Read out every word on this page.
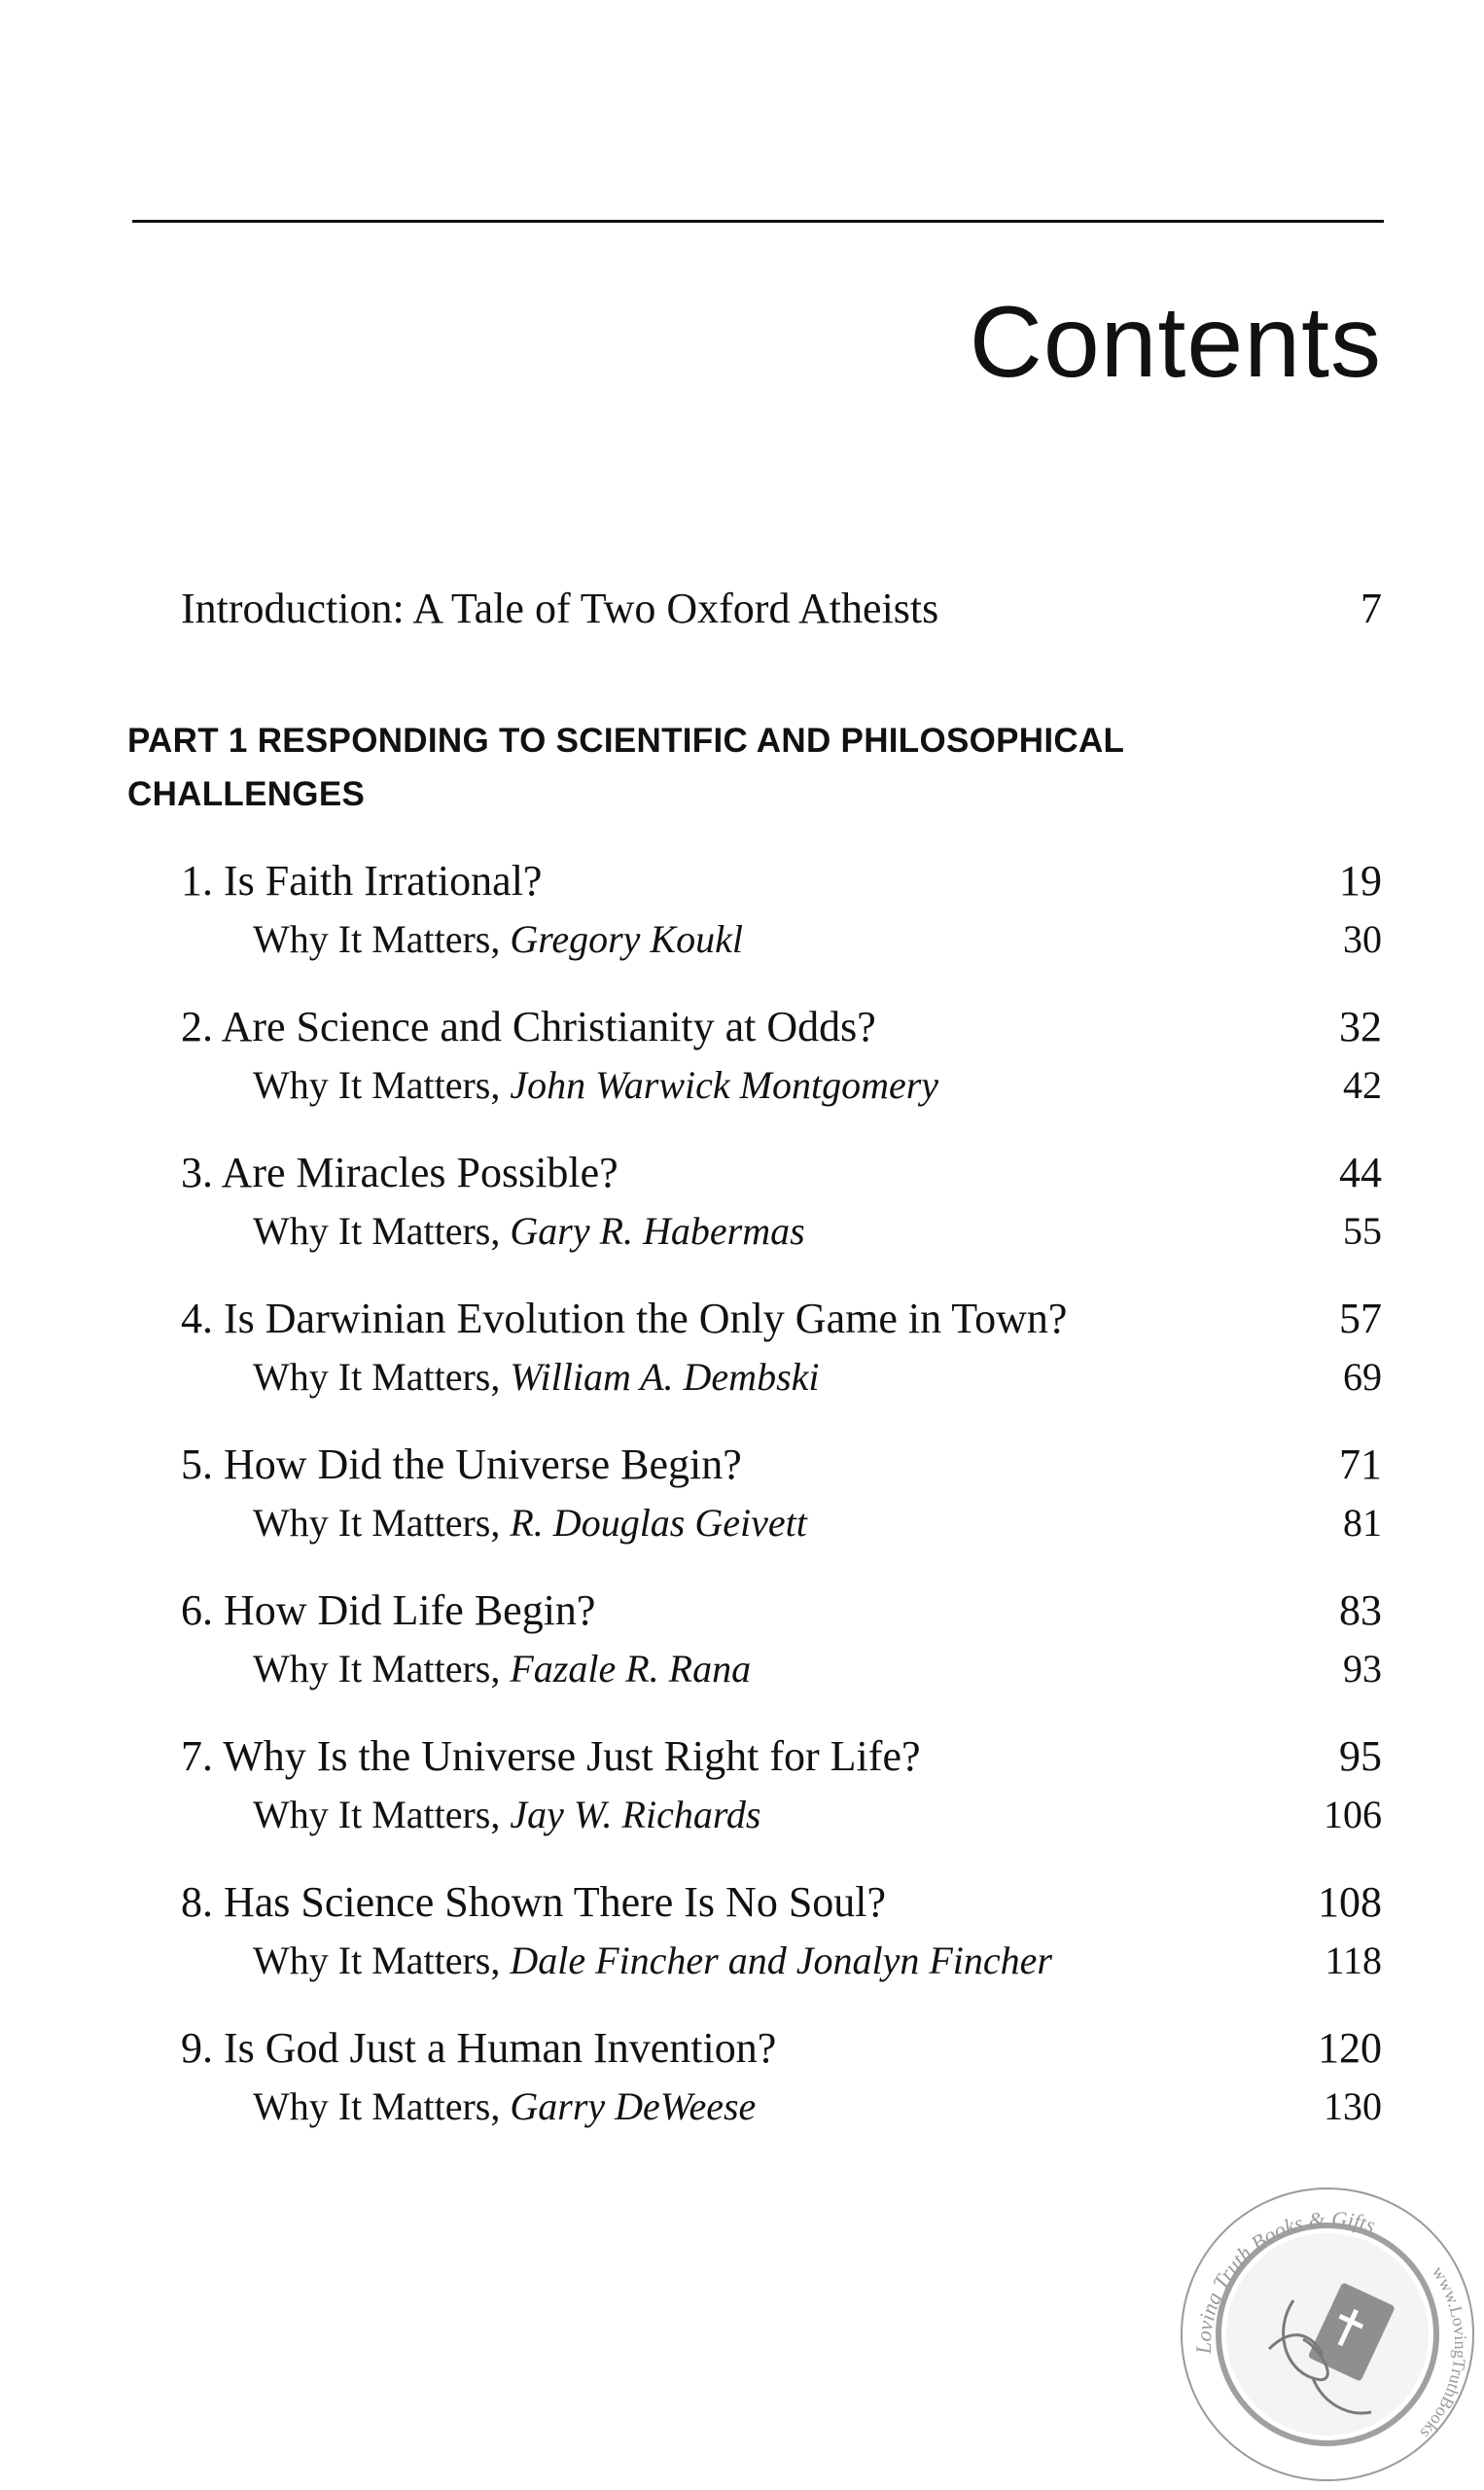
Contents
Introduction: A Tale of Two Oxford Atheists	7
PART 1 RESPONDING TO SCIENTIFIC AND PHILOSOPHICAL
CHALLENGES
1. Is Faith Irrational?	19
Why It Matters, Gregory Koukl	30
2. Are Science and Christianity at Odds?	32
Why It Matters, John Warwick Montgomery	42
3. Are Miracles Possible?	44
Why It Matters, Gary R. Habermas	55
4. Is Darwinian Evolution the Only Game in Town?	57
Why It Matters, William A. Dembski	69
5. How Did the Universe Begin?	71
Why It Matters, R. Douglas Geivett	81
6. How Did Life Begin?	83
Why It Matters, Fazale R. Rana	93
7. Why Is the Universe Just Right for Life?	95
Why It Matters, Jay W. Richards	106
8. Has Science Shown There Is No Soul?	108
Why It Matters, Dale Fincher and Jonalyn Fincher	118
9. Is God Just a Human Invention?	120
Why It Matters, Garry DeWeese	130
Loving Truth Books & Gifts
www.LovingTruthBooks
